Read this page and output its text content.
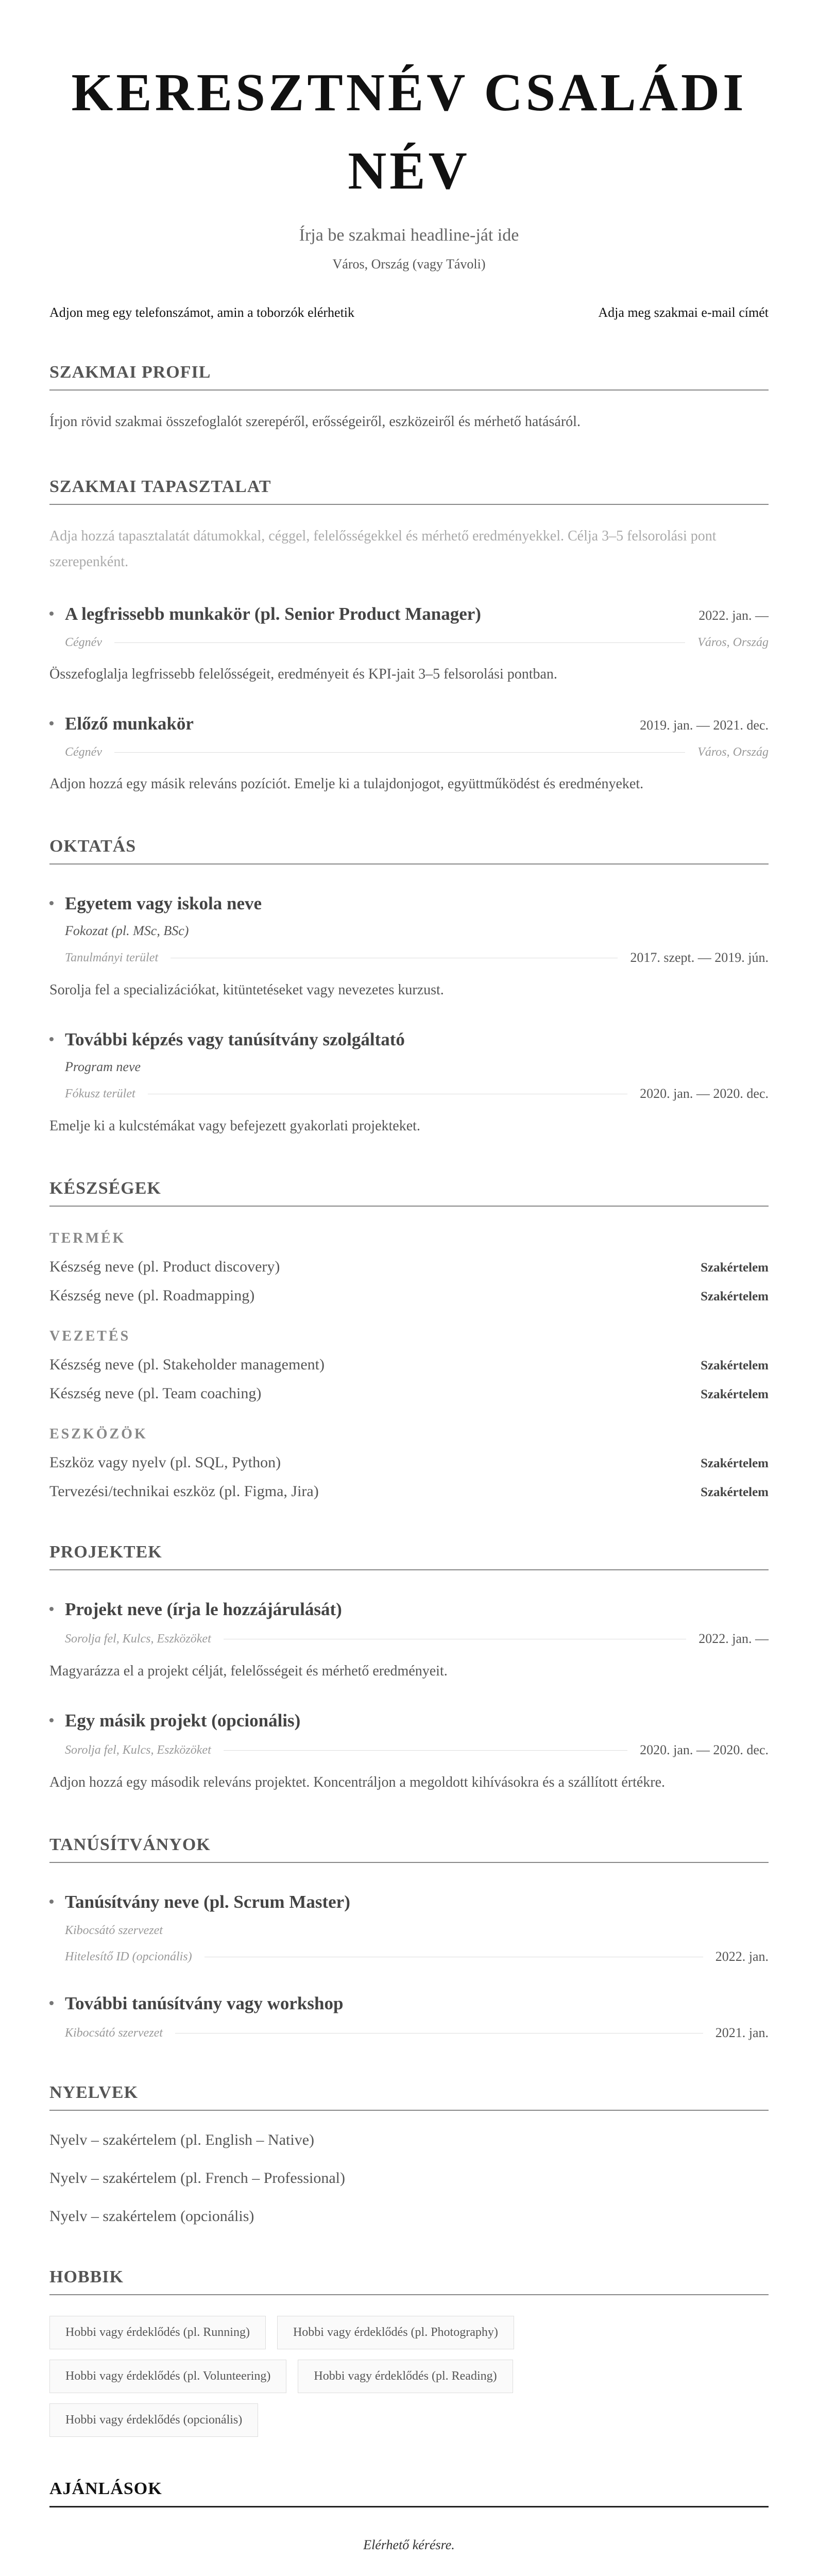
KERESZTNÉV CSALÁDI NÉV
Írja be szakmai headline-ját ide
Város, Ország (vagy Távoli)
Adjon meg egy telefonszámot, amin a toborzók elérhetik	Adja meg szakmai e-mail címét
SZAKMAI PROFIL

Írjon rövid szakmai összefoglalót szerepéről, erősségeiről, eszközeiről és mérhető hatásáról.

SZAKMAI TAPASZTALAT

Adja hozzá tapasztalatát dátumokkal, céggel, felelősségekkel és mérhető eredményekkel. Célja 3–5 felsorolási pont szerepenként.

A legfrissebb munkakör (pl. Senior Product Manager)	2022. jan. —
Cégnév	Város, Ország

Összefoglalja legfrissebb felelősségeit, eredményeit és KPI-jait 3–5 felsorolási pontban.

Előző munkakör	2019. jan. — 2021. dec.
Cégnév	Város, Ország

Adjon hozzá egy másik releváns pozíciót. Emelje ki a tulajdonjogot, együttműködést és eredményeket.

OKTATÁS
Egyetem vagy iskola neve
Fokozat (pl. MSc, BSc)
Tanulmányi terület	2017. szept. — 2019. jún.

Sorolja fel a specializációkat, kitüntetéseket vagy nevezetes kurzust.

További képzés vagy tanúsítvány szolgáltató
Program neve
Fókusz terület	2020. jan. — 2020. dec.

Emelje ki a kulcstémákat vagy befejezett gyakorlati projekteket.

KÉSZSÉGEK
TERMÉK
Készség neve (pl. Product discovery)	Szakértelem
Készség neve (pl. Roadmapping)	Szakértelem
VEZETÉS
Készség neve (pl. Stakeholder management)	Szakértelem
Készség neve (pl. Team coaching)	Szakértelem
ESZKÖZÖK
Eszköz vagy nyelv (pl. SQL, Python)	Szakértelem
Tervezési/technikai eszköz (pl. Figma, Jira)	Szakértelem
PROJEKTEK
Projekt neve (írja le hozzájárulását)
Sorolja fel, Kulcs, Eszközöket	2022. jan. —

Magyarázza el a projekt célját, felelősségeit és mérhető eredményeit.

Egy másik projekt (opcionális)
Sorolja fel, Kulcs, Eszközöket	2020. jan. — 2020. dec.

Adjon hozzá egy második releváns projektet. Koncentráljon a megoldott kihívásokra és a szállított értékre.

TANÚSÍTVÁNYOK
Tanúsítvány neve (pl. Scrum Master)
Kibocsátó szervezet
Hitelesítő ID (opcionális)	2022. jan.
További tanúsítvány vagy workshop
Kibocsátó szervezet	2021. jan.
NYELVEK
Nyelv – szakértelem (pl. English – Native)
Nyelv – szakértelem (pl. French – Professional)
Nyelv – szakértelem (opcionális)
HOBBIK
Hobbi vagy érdeklődés (pl. Running)	Hobbi vagy érdeklődés (pl. Photography)
Hobbi vagy érdeklődés (pl. Volunteering)	Hobbi vagy érdeklődés (pl. Reading)
Hobbi vagy érdeklődés (opcionális)
AJÁNLÁSOK

Elérhető kérésre.
